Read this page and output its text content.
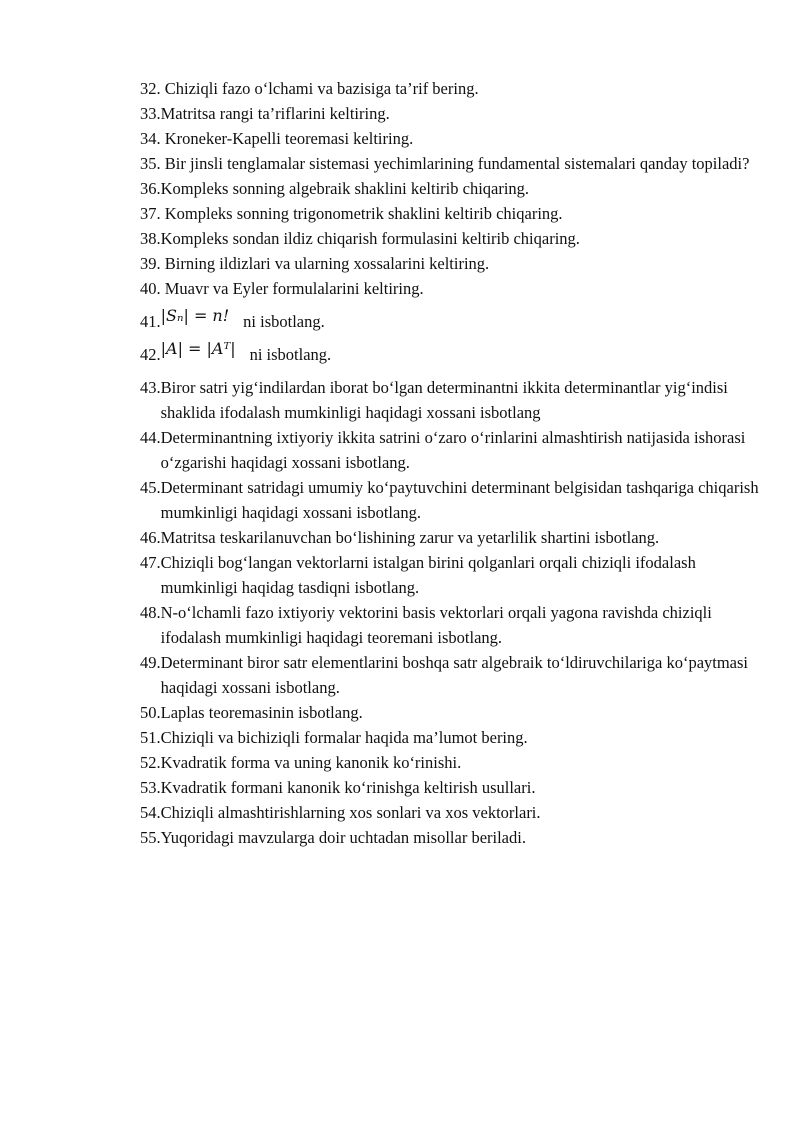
32. Chiziqli fazo o‘lchami va bazisiga ta’rif bering.
33. Matritsa rangi ta’riflarini keltiring.
34. Kroneker-Kapelli teoremasi keltiring.
35. Bir jinsli tenglamalar sistemasi yechimlarining fundamental sistemalari qanday topiladi?
36. Kompleks sonning algebraik shaklini keltirib chiqaring.
37. Kompleks sonning trigonometrik shaklini keltirib chiqaring.
38. Kompleks sondan ildiz chiqarish formulasini keltirib chiqaring.
39. Birning ildizlari va ularning xossalarini keltiring.
40. Muavr va Eyler formulalarini keltiring.
41. |Sₙ| = n! ni isbotlang.
42. |A| = |Aᵀ| ni isbotlang.
43. Biror satri yig‘indilardan iborat bo‘lgan determinantni ikkita determinantlar yig‘indisi shaklida ifodalash mumkinligi haqidagi xossani isbotlang
44. Determinantning ixtiyoriy ikkita satrini o‘zaro o‘rinlarini almashtirish natijasida ishorasi o‘zgarishi haqidagi xossani isbotlang.
45. Determinant satridagi umumiy ko‘paytuvchini determinant belgisidan tashqariga chiqarish mumkinligi haqidagi xossani isbotlang.
46. Matritsa teskarilanuvchan bo‘lishining zarur va yetarlilik shartini isbotlang.
47. Chiziqli bog‘langan vektorlarni istalgan birini qolganlari orqali chiziqli ifodalash mumkinligi haqidag tasdiqni isbotlang.
48. N-o‘lchamli fazo ixtiyoriy vektorini basis vektorlari orqali yagona ravishda chiziqli ifodalash mumkinligi haqidagi teoremani isbotlang.
49. Determinant biror satr elementlarini boshqa satr algebraik to‘ldiruvchilariga ko‘paytmasi haqidagi xossani isbotlang.
50. Laplas teoremasinin isbotlang.
51. Chiziqli va bichiziqli formalar haqida ma’lumot bering.
52. Kvadratik forma va uning kanonik ko‘rinishi.
53. Kvadratik formani kanonik ko‘rinishga keltirish usullari.
54. Chiziqli almashtirishlarning xos sonlari va xos vektorlari.
55. Yuqoridagi mavzularga doir uchtadan misollar beriladi.
